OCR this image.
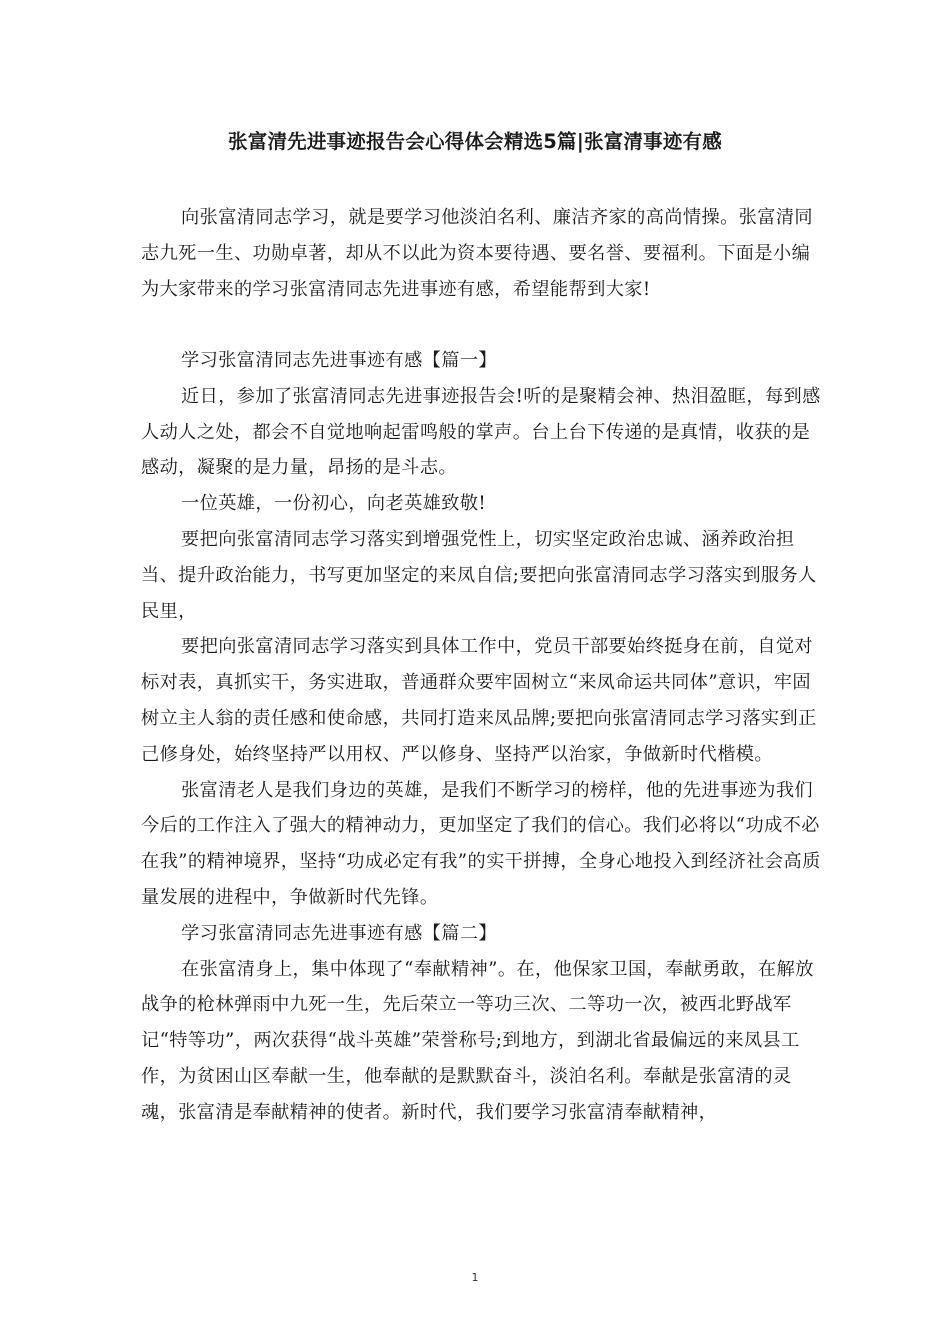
张富清先进事迹报告会心得体会精选5篇|张富清事迹有感

向张富清同志学习，就是要学习他淡泊名利、廉洁齐家的高尚情操。张富清同志九死一生、功勋卓著，却从不以此为资本要待遇、要名誉、要福利。下面是小编为大家带来的学习张富清同志先进事迹有感，希望能帮到大家!

学习张富清同志先进事迹有感【篇一】

近日，参加了张富清同志先进事迹报告会!听的是聚精会神、热泪盈眶，每到感人动人之处，都会不自觉地响起雷鸣般的掌声。台上台下传递的是真情，收获的是感动，凝聚的是力量，昂扬的是斗志。

一位英雄，一份初心，向老英雄致敬!

要把向张富清同志学习落实到增强党性上，切实坚定政治忠诚、涵养政治担当、提升政治能力，书写更加坚定的来凤自信;要把向张富清同志学习落实到服务人民里，

要把向张富清同志学习落实到具体工作中，党员干部要始终挺身在前，自觉对标对表，真抓实干，务实进取，普通群众要牢固树立“来凤命运共同体”意识，牢固树立主人翁的责任感和使命感，共同打造来凤品牌;要把向张富清同志学习落实到正己修身处，始终坚持严以用权、严以修身、坚持严以治家，争做新时代楷模。

张富清老人是我们身边的英雄，是我们不断学习的榜样，他的先进事迹为我们今后的工作注入了强大的精神动力，更加坚定了我们的信心。我们必将以“功成不必在我”的精神境界，坚持“功成必定有我”的实干拼搏，全身心地投入到经济社会高质量发展的进程中，争做新时代先锋。

学习张富清同志先进事迹有感【篇二】

在张富清身上，集中体现了“奉献精神”。在，他保家卫国，奉献勇敢，在解放战争的枪林弹雨中九死一生，先后荣立一等功三次、二等功一次，被西北野战军记“特等功”，两次获得“战斗英雄”荣誉称号;到地方，到湖北省最偏远的来凤县工作，为贫困山区奉献一生，他奉献的是默默奋斗，淡泊名利。奉献是张富清的灵魂，张富清是奉献精神的使者。新时代，我们要学习张富清奉献精神，

1
